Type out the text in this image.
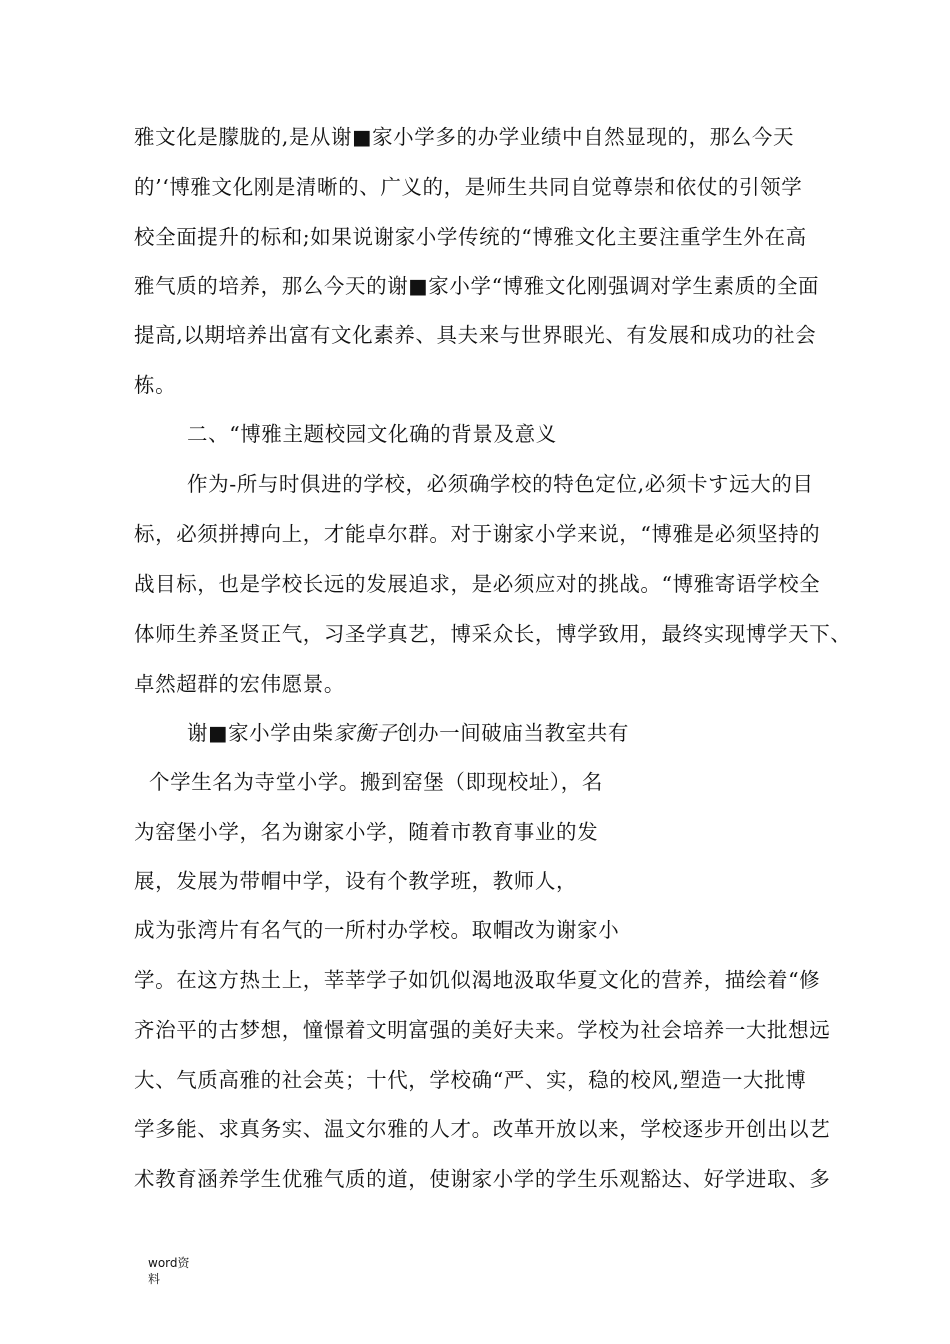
雅文化是朦胧的,是从谢■家小学多的办学业绩中自然显现的，那么今天

的’‘博雅文化刚是清晰的、广义的，是师生共同自觉尊崇和依仗的引领学

校全面提升的标和;如果说谢家小学传统的“博雅文化主要注重学生外在高

雅气质的培养，那么今天的谢■家小学“博雅文化刚强调对学生素质的全面

提高,以期培养出富有文化素养、具夫来与世界眼光、有发展和成功的社会

栋。

二、“博雅主题校园文化确的背景及意义

作为-所与时俱进的学校，必须确学校的特色定位,必须卡す远大的目

标，必须拼搏向上，才能卓尔群。对于谢家小学来说，“博雅是必须坚持的

战目标，也是学校长远的发展追求，是必须应对的挑战。“博雅寄语学校全

体师生养圣贤正气，习圣学真艺，博采众长，博学致用，最终实现博学天下、

卓然超群的宏伟愿景。

谢■家小学由柴家衡子创办一间破庙当教室共有

个学生名为寺堂小学。搬到窑堡（即现校址），名

为窑堡小学，名为谢家小学，随着市教育事业的发

展，发展为带帽中学，设有个教学班，教师人，

成为张湾片有名气的一所村办学校。取帽改为谢家小

学。在这方热土上，莘莘学子如饥似渴地汲取华夏文化的营养，描绘着“修

齐治平的古梦想，憧憬着文明富强的美好夫来。学校为社会培养一大批想远

大、气质高雅的社会英；十代，学校确“严、实，稳的校风,塑造一大批博

学多能、求真务实、温文尔雅的人才。改革开放以来，学校逐步开创出以艺

术教育涵养学生优雅气质的道，使谢家小学的学生乐观豁达、好学进取、多

word资
料
